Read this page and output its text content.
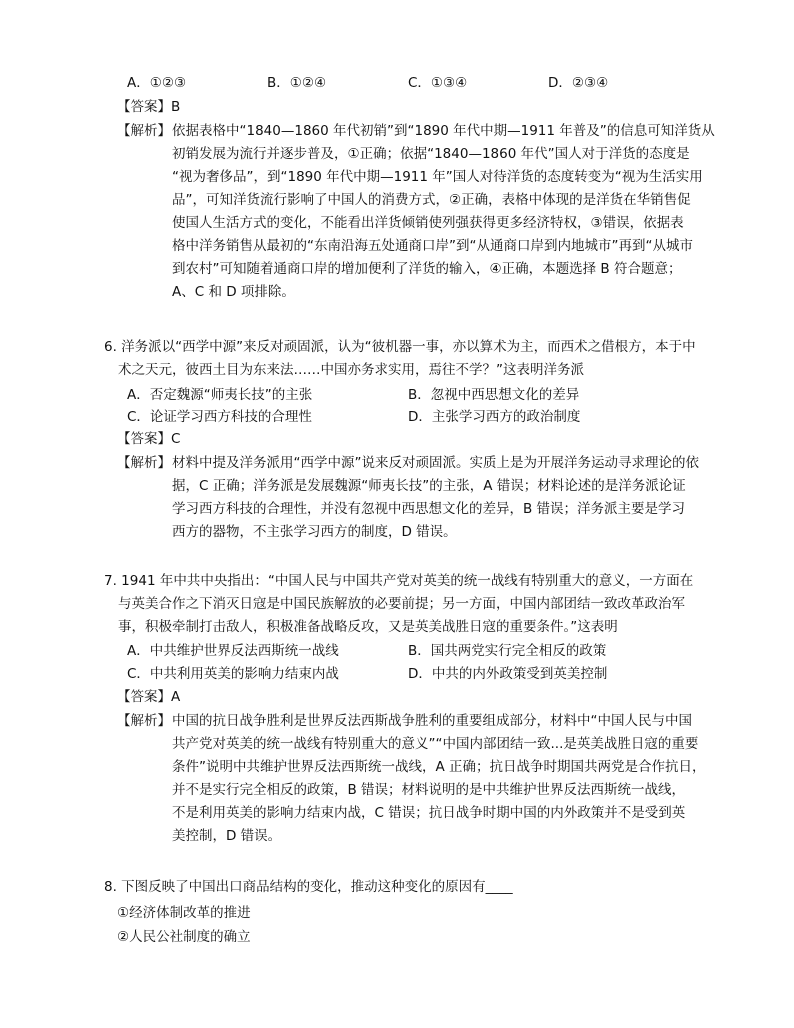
A．①②③	B．①②④	C．①③④	D．②③④
【答案】B
【解析】 依据表格中“1840—1860 年代初销”到“1890 年代中期—1911 年普及”的信息可知洋货从
初销发展为流行并逐步普及，①正确；依据“1840—1860 年代”国人对于洋货的态度是
“视为奢侈品”，到“1890 年代中期—1911 年”国人对待洋货的态度转变为“视为生活实用
品”，可知洋货流行影响了中国人的消费方式，②正确，表格中体现的是洋货在华销售促
使国人生活方式的变化，不能看出洋货倾销使列强获得更多经济特权，③错误，依据表
格中洋务销售从最初的“东南沿海五处通商口岸”到“从通商口岸到内地城市”再到“从城市
到农村”可知随着通商口岸的增加便利了洋货的输入，④正确，本题选择 B 符合题意；
A、C 和 D 项排除。
6. 洋务派以“西学中源”来反对顽固派，认为“彼机器一事，亦以算术为主，而西术之借根方，本于中
术之天元，彼西土目为东来法……中国亦务求实用，焉往不学？”这表明洋务派
A．否定魏源“师夷长技”的主张	B．忽视中西思想文化的差异
C．论证学习西方科技的合理性	D．主张学习西方的政治制度
【答案】C
【解析】 材料中提及洋务派用“西学中源”说来反对顽固派。实质上是为开展洋务运动寻求理论的依
据，C 正确；洋务派是发展魏源“师夷长技”的主张，A 错误；材料论述的是洋务派论证
学习西方科技的合理性，并没有忽视中西思想文化的差异，B 错误；洋务派主要是学习
西方的器物，不主张学习西方的制度，D 错误。
7. 1941 年中共中央指出：“中国人民与中国共产党对英美的统一战线有特别重大的意义，一方面在
与英美合作之下消灭日寇是中国民族解放的必要前提；另一方面，中国内部团结一致改革政治军
事，积极牵制打击敌人，积极准备战略反攻，又是英美战胜日寇的重要条件。”这表明
A．中共维护世界反法西斯统一战线	B．国共两党实行完全相反的政策
C．中共利用英美的影响力结束内战	D．中共的内外政策受到英美控制
【答案】A
【解析】 中国的抗日战争胜利是世界反法西斯战争胜利的重要组成部分，材料中“中国人民与中国
共产党对英美的统一战线有特别重大的意义”“中国内部团结一致...是英美战胜日寇的重要
条件”说明中共维护世界反法西斯统一战线，A 正确；抗日战争时期国共两党是合作抗日，
并不是实行完全相反的政策，B 错误；材料说明的是中共维护世界反法西斯统一战线，
不是利用英美的影响力结束内战，C 错误；抗日战争时期中国的内外政策并不是受到英
美控制，D 错误。
8. 下图反映了中国出口商品结构的变化，推动这种变化的原因有____
①经济体制改革的推进
②人民公社制度的确立
